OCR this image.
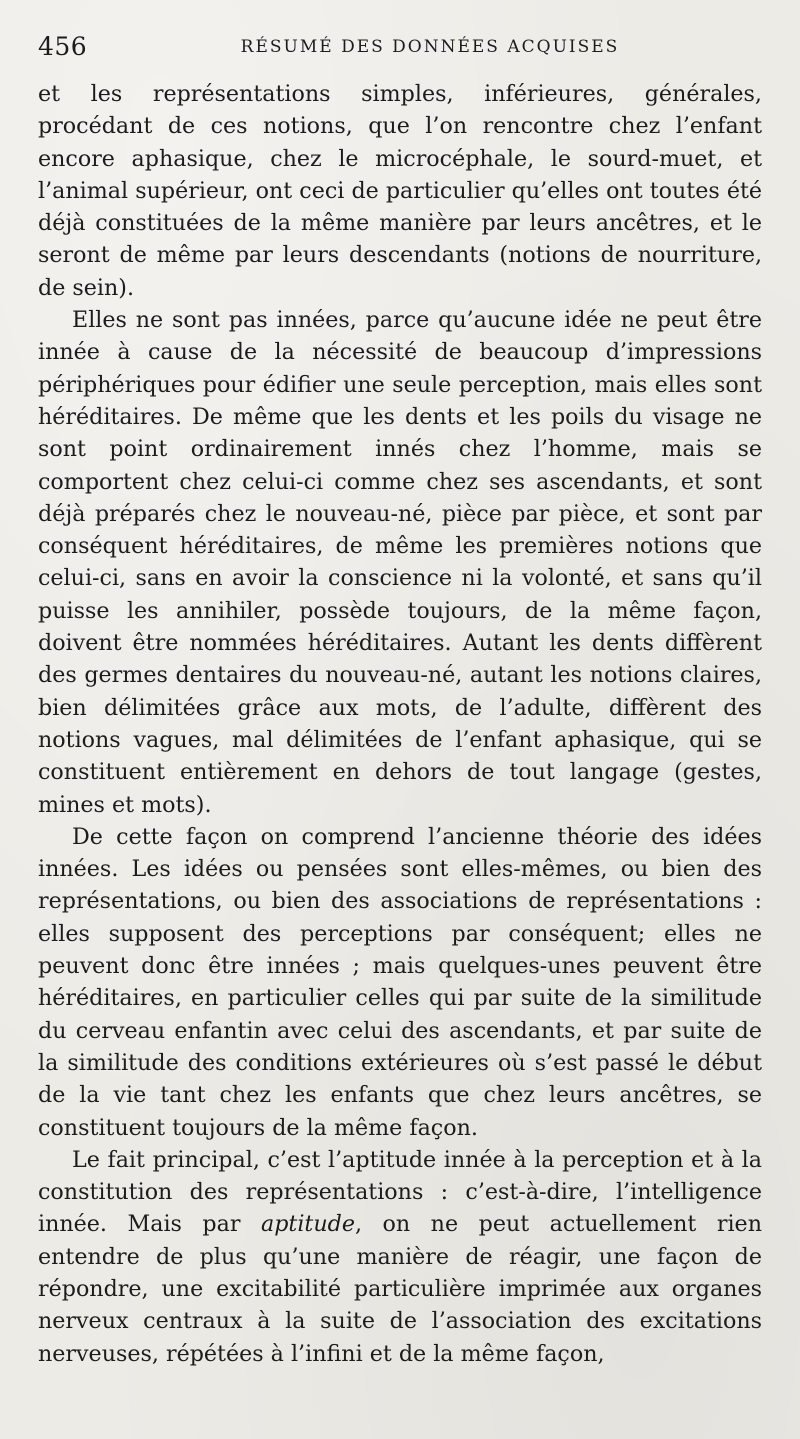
456	RÉSUMÉ DES DONNÉES ACQUISES

et les représentations simples, inférieures, générales, procédant de ces notions, que l’on rencontre chez l’enfant encore aphasique, chez le microcéphale, le sourd-muet, et l’animal supérieur, ont ceci de particulier qu’elles ont toutes été déjà constituées de la même manière par leurs ancêtres, et le seront de même par leurs descendants (notions de nourriture, de sein).

Elles ne sont pas innées, parce qu’aucune idée ne peut être innée à cause de la nécessité de beaucoup d’impressions périphériques pour édifier une seule perception, mais elles sont héréditaires. De même que les dents et les poils du visage ne sont point ordinairement innés chez l’homme, mais se comportent chez celui-ci comme chez ses ascendants, et sont déjà préparés chez le nouveau-né, pièce par pièce, et sont par conséquent héréditaires, de même les premières notions que celui-ci, sans en avoir la conscience ni la volonté, et sans qu’il puisse les annihiler, possède toujours, de la même façon, doivent être nommées héréditaires. Autant les dents diffèrent des germes dentaires du nouveau-né, autant les notions claires, bien délimitées grâce aux mots, de l’adulte, diffèrent des notions vagues, mal délimitées de l’enfant aphasique, qui se constituent entièrement en dehors de tout langage (gestes, mines et mots).

De cette façon on comprend l’ancienne théorie des idées innées. Les idées ou pensées sont elles-mêmes, ou bien des représentations, ou bien des associations de représentations : elles supposent des perceptions par conséquent; elles ne peuvent donc être innées ; mais quelques-unes peuvent être héréditaires, en particulier celles qui par suite de la similitude du cerveau enfantin avec celui des ascendants, et par suite de la similitude des conditions extérieures où s’est passé le début de la vie tant chez les enfants que chez leurs ancêtres, se constituent toujours de la même façon.

Le fait principal, c’est l’aptitude innée à la perception et à la constitution des représentations : c’est-à-dire, l’intelligence innée. Mais par aptitude, on ne peut actuellement rien entendre de plus qu’une manière de réagir, une façon de répondre, une excitabilité particulière imprimée aux organes nerveux centraux à la suite de l’association des excitations nerveuses, répétées à l’infini et de la même façon,
